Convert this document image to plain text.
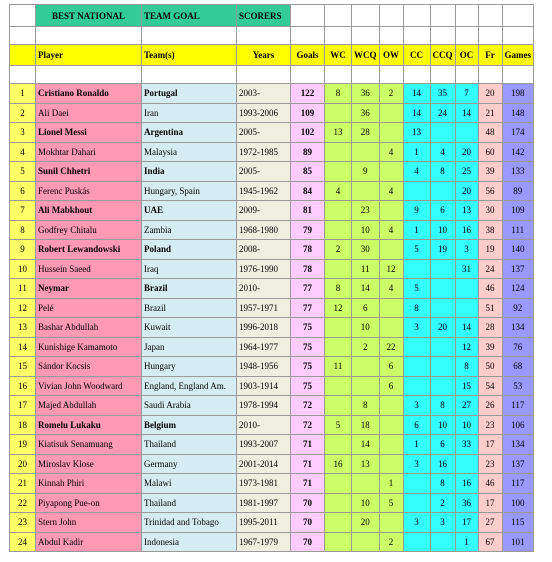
	BEST NATIONAL	TEAM GOAL	SCORERS									

	Player	Team(s)	Years	Goals	WC	WCQ	OW	CC	CCQ	OC	Fr	Games

1	Cristiano Ronaldo	Portugal	2003-	122	8	36	2	14	35	7	20	198
2	Ali Daei	Iran	1993-2006	109		36		14	24	14	21	148
3	Lionel Messi	Argentina	2005-	102	13	28		13			48	174
4	Mokhtar Dahari	Malaysia	1972-1985	89			4	1	4	20	60	142
5	Sunil Chhetri	India	2005-	85		9		4	8	25	39	133
6	Ferenc Puskás	Hungary, Spain	1945-1962	84	4		4			20	56	89
7	Ali Mabkhout	UAE	2009-	81		23		9	6	13	30	109
8	Godfrey Chitalu	Zambia	1968-1980	79		10	4	1	10	16	38	111
9	Robert Lewandowski	Poland	2008-	78	2	30		5	19	3	19	140
10	Hussein Saeed	Iraq	1976-1990	78		11	12			31	24	137
11	Neymar	Brazil	2010-	77	8	14	4	5			46	124
12	Pelé	Brazil	1957-1971	77	12	6		8			51	92
13	Bashar Abdullah	Kuwait	1996-2018	75		10		3	20	14	28	134
14	Kunishige Kamamoto	Japan	1964-1977	75		2	22			12	39	76
15	Sándor Kocsis	Hungary	1948-1956	75	11		6			8	50	68
16	Vivian John Woodward	England, England Am.	1903-1914	75			6			15	54	53
17	Majed Abdullah	Saudi Arabia	1978-1994	72		8		3	8	27	26	117
18	Romelu Lukaku	Belgium	2010-	72	5	18		6	10	10	23	106
19	Kiatisuk Senamuang	Thailand	1993-2007	71		14		1	6	33	17	134
20	Miroslav Klose	Germany	2001-2014	71	16	13		3	16		23	137
21	Kinnah Phiri	Malawi	1973-1981	71			1		8	16	46	117
22	Piyapong Pue-on	Thailand	1981-1997	70		10	5		2	36	17	100
23	Stern John	Trinidad and Tobago	1995-2011	70		20		3	3	17	27	115
24	Abdul Kadir	Indonesia	1967-1979	70			2			1	67	101
